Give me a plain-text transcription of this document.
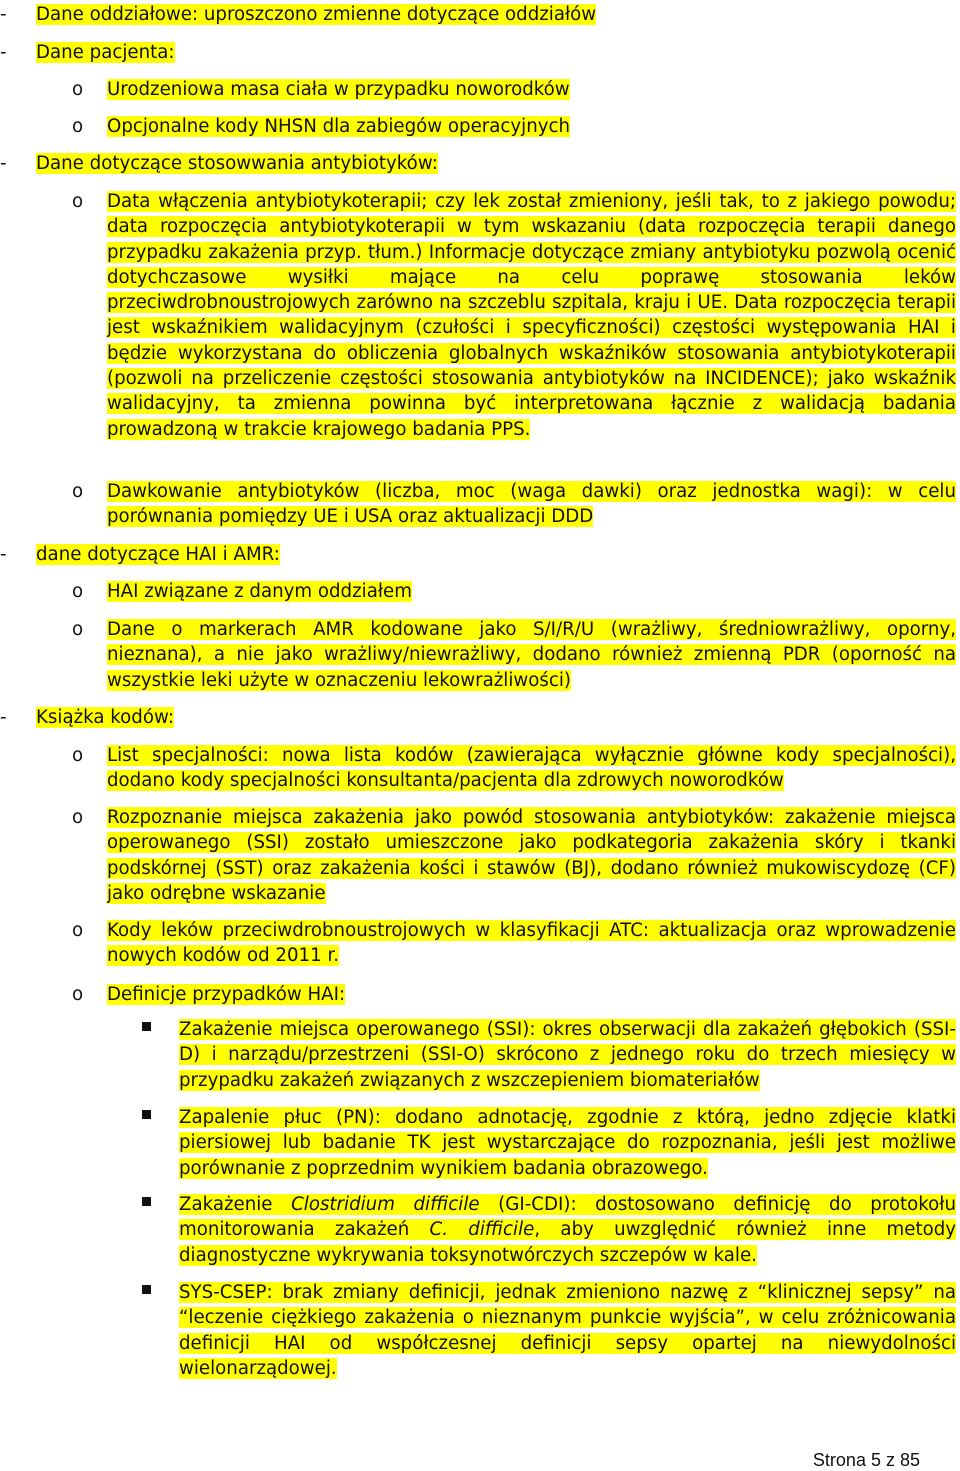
- Dane oddziałowe: uproszczono zmienne dotyczące oddziałów
- Dane pacjenta:
o Urodzeniowa masa ciała w przypadku noworodków
o Opcjonalne kody NHSN dla zabiegów operacyjnych
- Dane dotyczące stosowwania antybiotyków:
o Data włączenia antybiotykoterapii; czy lek został zmieniony, jeśli tak, to z jakiego powodu; data rozpoczęcia antybiotykoterapii w tym wskazaniu (data rozpoczęcia terapii danego przypadku zakażenia przyp. tłum.) Informacje dotyczące zmiany antybiotyku pozwolą ocenić dotychczasowe wysiłki mające na celu poprawę stosowania leków przeciwdrobnoustrojowych zarówno na szczeblu szpitala, kraju i UE. Data rozpoczęcia terapii jest wskaźnikiem walidacyjnym (czułości i specyficzności) częstości występowania HAI i będzie wykorzystana do obliczenia globalnych wskaźników stosowania antybiotykoterapii (pozwoli na przeliczenie częstości stosowania antybiotyków na INCIDENCE); jako wskaźnik walidacyjny, ta zmienna powinna być interpretowana łącznie z walidacją badania prowadzoną w trakcie krajowego badania PPS.
o Dawkowanie antybiotyków (liczba, moc (waga dawki) oraz jednostka wagi): w celu porównania pomiędzy UE i USA oraz aktualizacji DDD
- dane dotyczące HAI i AMR:
o HAI związane z danym oddziałem
o Dane o markerach AMR kodowane jako S/I/R/U (wrażliwy, średniowrażliwy, oporny, nieznana), a nie jako wrażliwy/niewrażliwy, dodano również zmienną PDR (oporność na wszystkie leki użyte w oznaczeniu lekowrażliwości)
- Książka kodów:
o List specjalności: nowa lista kodów (zawierająca wyłącznie główne kody specjalności), dodano kody specjalności konsultanta/pacjenta dla zdrowych noworodków
o Rozpoznanie miejsca zakażenia jako powód stosowania antybiotyków: zakażenie miejsca operowanego (SSI) zostało umieszczone jako podkategoria zakażenia skóry i tkanki podskórnej (SST) oraz zakażenia kości i stawów (BJ), dodano również mukowiscydozę (CF) jako odrębne wskazanie
o Kody leków przeciwdrobnoustrojowych w klasyfikacji ATC: aktualizacja oraz wprowadzenie nowych kodów od 2011 r.
o Definicje przypadków HAI:
Zakażenie miejsca operowanego (SSI): okres obserwacji dla zakażeń głębokich (SSI-D) i narządu/przestrzeni (SSI-O) skrócono z jednego roku do trzech miesięcy w przypadku zakażeń związanych z wszczepieniem biomateriałów
Zapalenie płuc (PN): dodano adnotację, zgodnie z którą, jedno zdjęcie klatki piersiowej lub badanie TK jest wystarczające do rozpoznania, jeśli jest możliwe porównanie z poprzednim wynikiem badania obrazowego.
Zakażenie Clostridium difficile (GI-CDI): dostosowano definicję do protokołu monitorowania zakażeń C. difficile, aby uwzględnić również inne metody diagnostyczne wykrywania toksynotwórczych szczepów w kale.
SYS-CSEP: brak zmiany definicji, jednak zmieniono nazwę z “klinicznej sepsy” na “leczenie ciężkiego zakażenia o nieznanym punkcie wyjścia”, w celu zróżnicowania definicji HAI od współczesnej definicji sepsy opartej na niewydolności wielonarządowej.
Strona 5 z 85
